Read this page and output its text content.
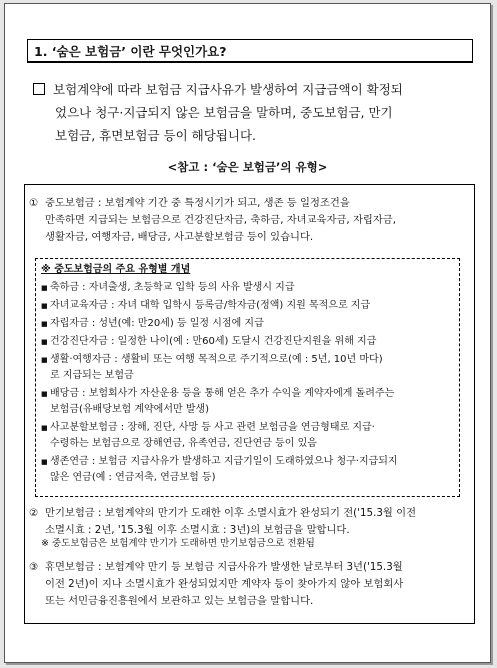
1. ‘숨은 보험금’ 이란 무엇인가요?

보험계약에 따라 보험금 지급사유가 발생하여 지급금액이 확정되

었으나 청구·지급되지 않은 보험금을 말하며, 중도보험금, 만기

보험금, 휴면보험금 등이 해당됩니다.

<참고 : ‘숨은 보험금’의 유형>
① 중도보험금 : 보험계약 기간 중 특정시기가 되고, 생존 등 일정조건을
만족하면 지급되는 보험금으로 건강진단자금, 축하금, 자녀교육자금, 자립자금,
생활자금, 여행자금, 배당금, 사고분할보험금 등이 있습니다.
※ 중도보험금의 주요 유형별 개념
■ 축하금 : 자녀출생, 초등학교 입학 등의 사유 발생시 지급
■ 자녀교육자금 : 자녀 대학 입학시 등록금/학자금(정액) 지원 목적으로 지급
■ 자립자금 : 성년(예: 만20세) 등 일정 시점에 지급
■ 건강진단자금 : 일정한 나이(예 : 만60세) 도달시 건강진단지원을 위해 지급
■ 생활·여행자금 : 생활비 또는 여행 목적으로 주기적으로(예 : 5년, 10년 마다)
로 지급되는 보험금
■ 배당금 : 보험회사가 자산운용 등을 통해 얻은 추가 수익을 계약자에게 돌려주는
보험금(유배당보험 계약에서만 발생)
■ 사고분할보험금 : 장해, 진단, 사망 등 사고 관련 보험금을 연금형태로 지급·
수령하는 보험금으로 장해연금, 유족연금, 진단연금 등이 있음
■ 생존연금 : 보험금 지급사유가 발생하고 지급기일이 도래하였으나 청구·지급되지
않은 연금(예 : 연금저축, 연금보험 등)
② 만기보험금 : 보험계약의 만기가 도래한 이후 소멸시효가 완성되기 전('15.3월 이전
소멸시효 : 2년, '15.3월 이후 소멸시효 : 3년)의 보험금을 말합니다.
※ 중도보험금은 보험계약 만기가 도래하면 만기보험금으로 전환됨
③ 휴면보험금 : 보험계약 만기 등 보험금 지급사유가 발생한 날로부터 3년('15.3월
이전 2년)이 지나 소멸시효가 완성되었지만 계약자 등이 찾아가지 않아 보험회사
또는 서민금융진흥원에서 보관하고 있는 보험금을 말합니다.
